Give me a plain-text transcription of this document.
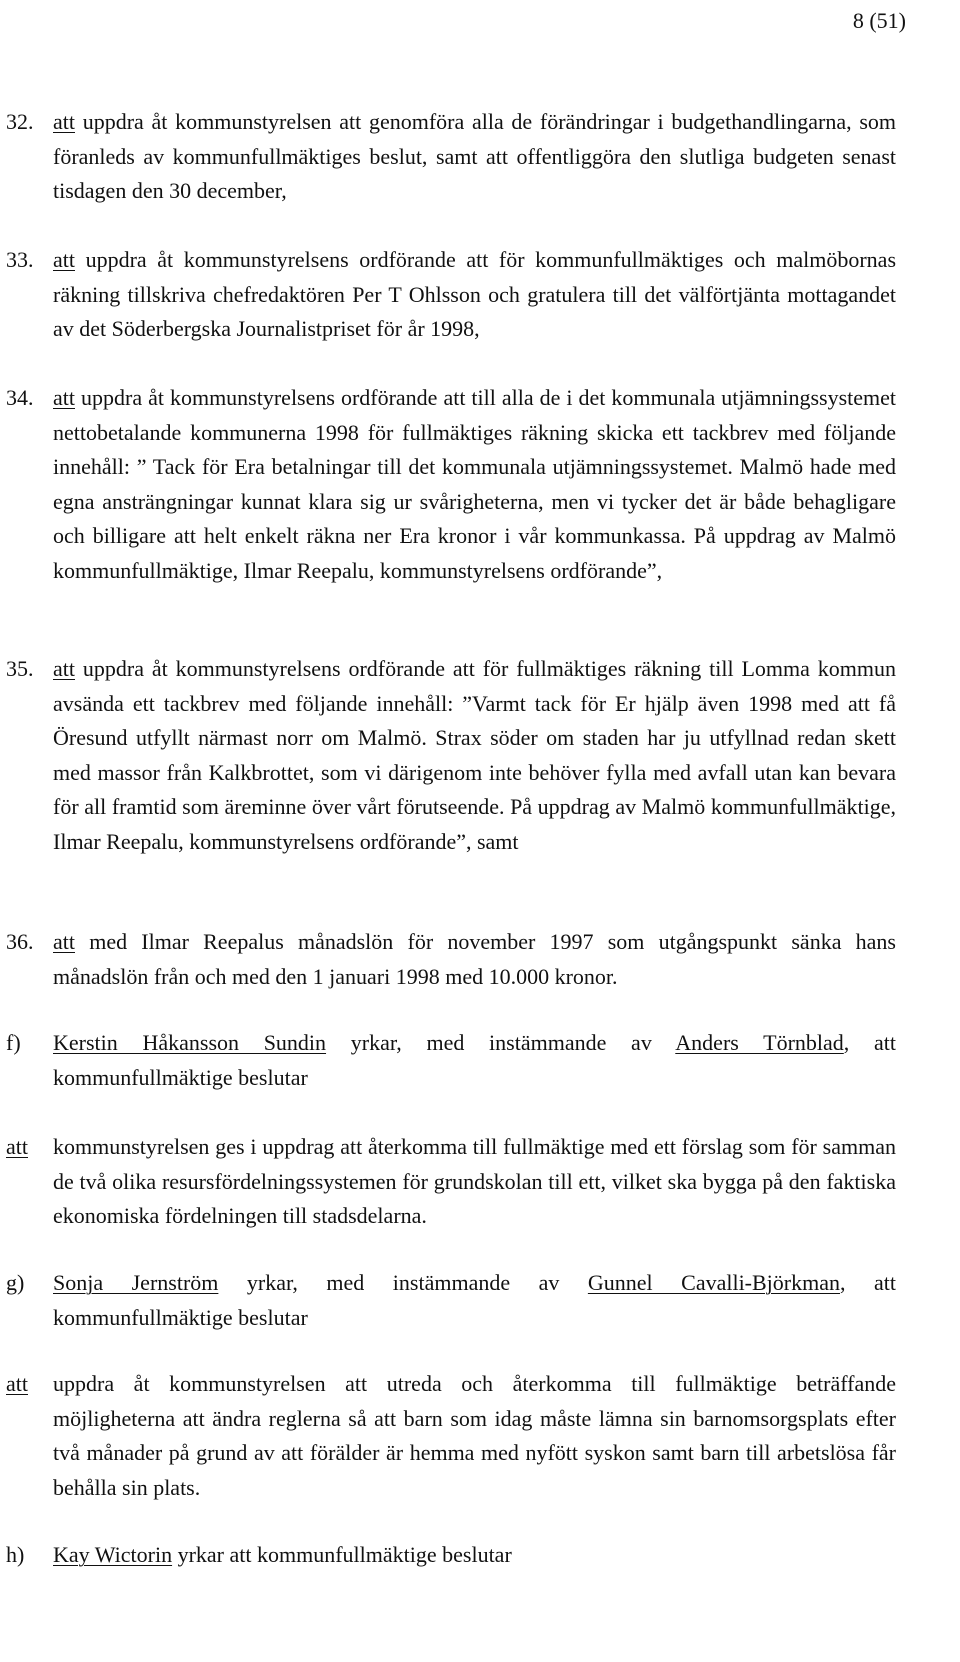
8 (51)
32. att uppdra åt kommunstyrelsen att genomföra alla de förändringar i budgethandlingarna, som föranleds av kommunfullmäktiges beslut, samt att offentliggöra den slutliga budgeten senast tisdagen den 30 december,
33. att uppdra åt kommunstyrelsens ordförande att för kommunfullmäktiges och malmöbornas räkning tillskriva chefredaktören Per T Ohlsson och gratulera till det välförtjänta mottagandet av det Söderbergska Journalistpriset för år 1998,
34. att uppdra åt kommunstyrelsens ordförande att till alla de i det kommunala utjämningssystemet nettobetalande kommunerna 1998 för fullmäktiges räkning skicka ett tackbrev med följande innehåll: ” Tack för Era betalningar till det kommunala utjämningssystemet. Malmö hade med egna ansträngningar kunnat klara sig ur svårigheterna, men vi tycker det är både behagligare och billigare att helt enkelt räkna ner Era kronor i vår kommunkassa. På uppdrag av Malmö kommunfullmäktige, Ilmar Reepalu, kommunstyrelsens ordförande”,
35. att uppdra åt kommunstyrelsens ordförande att för fullmäktiges räkning till Lomma kommun avsända ett tackbrev med följande innehåll: ”Varmt tack för Er hjälp även 1998 med att få Öresund utfyllt närmast norr om Malmö. Strax söder om staden har ju utfyllnad redan skett med massor från Kalkbrottet, som vi därigenom inte behöver fylla med avfall utan kan bevara för all framtid som äreminne över vårt förutseende. På uppdrag av Malmö kommunfullmäktige, Ilmar Reepalu, kommunstyrelsens ordförande”, samt
36. att med Ilmar Reepalus månadslön för november 1997 som utgångspunkt sänka hans månadslön från och med den 1 januari 1998 med 10.000 kronor.
f)	Kerstin Håkansson Sundin yrkar, med instämmande av Anders Törnblad, att kommunfullmäktige beslutar
att	kommunstyrelsen ges i uppdrag att återkomma till fullmäktige med ett förslag som för samman de två olika resursfördelningssystemen för grundskolan till ett, vilket ska bygga på den faktiska ekonomiska fördelningen till stadsdelarna.
g)	Sonja Jernström yrkar, med instämmande av Gunnel Cavalli-Björkman, att kommunfullmäktige beslutar
att	uppdra åt kommunstyrelsen att utreda och återkomma till fullmäktige beträffande möjligheterna att ändra reglerna så att barn som idag måste lämna sin barnomsorgsplats efter två månader på grund av att förälder är hemma med nyfött syskon samt barn till arbetslösa får behålla sin plats.
h)	Kay Wictorin yrkar att kommunfullmäktige beslutar
